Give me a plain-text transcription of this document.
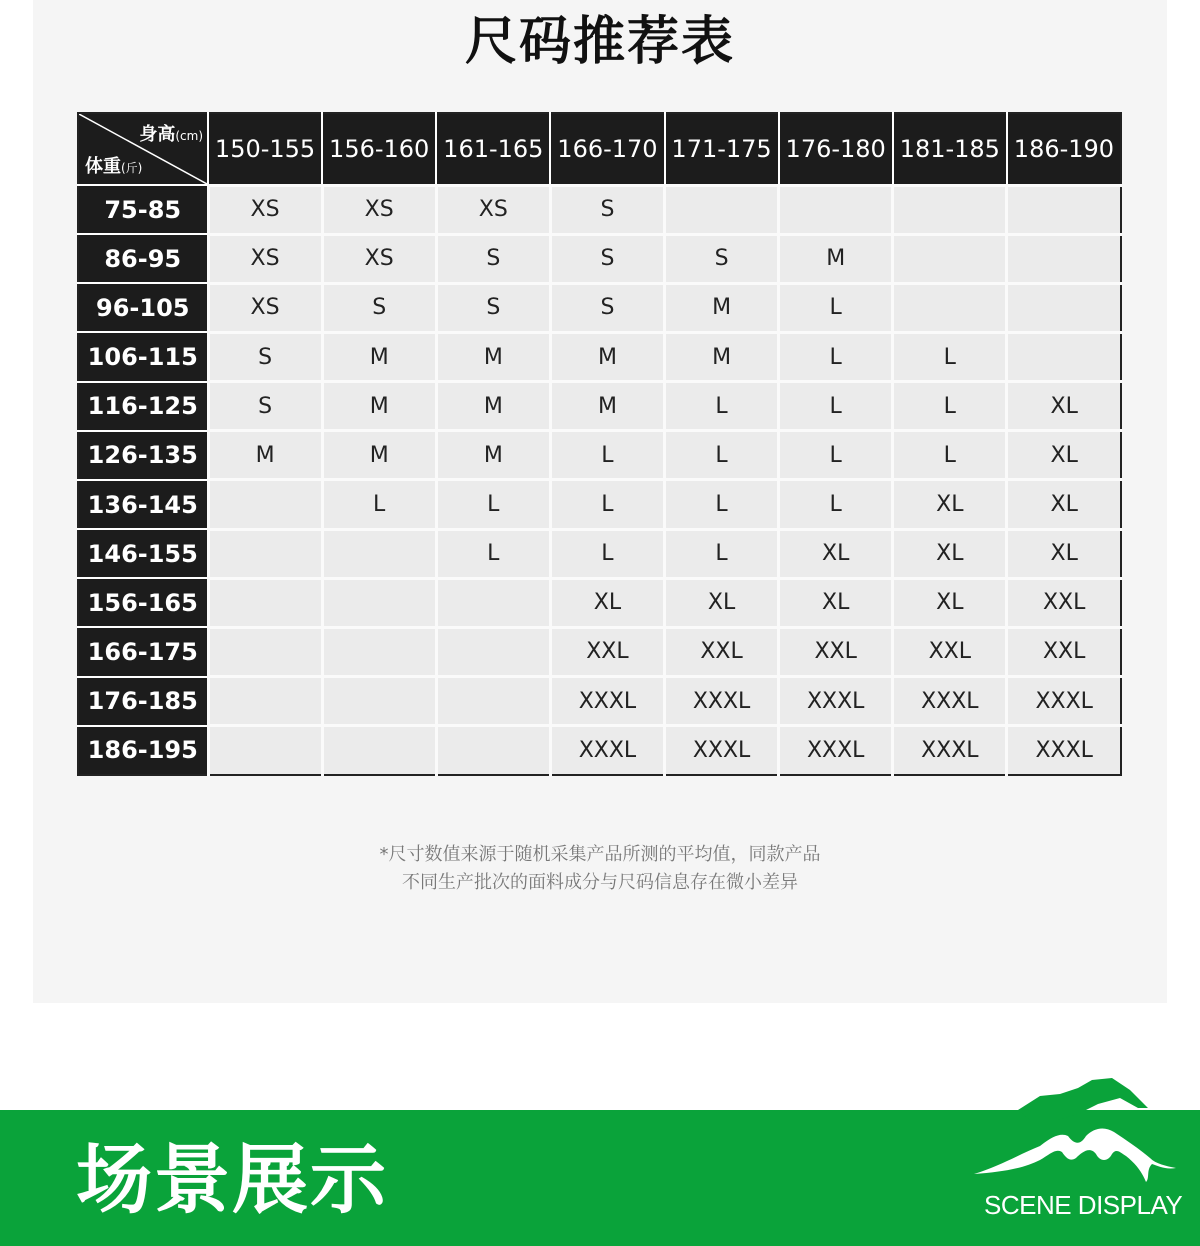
尺码推荐表
身高(cm)
体重(斤)	150-155	156-160	161-165	166-170	171-175	176-180	181-185	186-190
75-85	XS	XS	XS	S				
86-95	XS	XS	S	S	S	M		
96-105	XS	S	S	S	M	L		
106-115	S	M	M	M	M	L	L	
116-125	S	M	M	M	L	L	L	XL
126-135	M	M	M	L	L	L	L	XL
136-145		L	L	L	L	L	XL	XL
146-155			L	L	L	XL	XL	XL
156-165				XL	XL	XL	XL	XXL
166-175				XXL	XXL	XXL	XXL	XXL
176-185				XXXL	XXXL	XXXL	XXXL	XXXL
186-195				XXXL	XXXL	XXXL	XXXL	XXXL
*尺寸数值来源于随机采集产品所测的平均值，同款产品
不同生产批次的面料成分与尺码信息存在微小差异
场景展示	SCENE DISPLAY
